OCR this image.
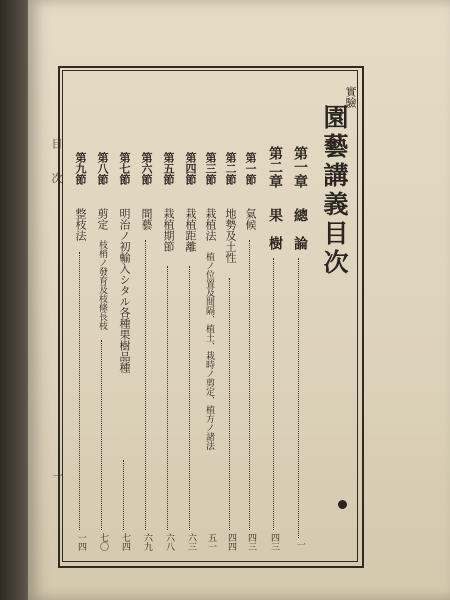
目 次
一
實驗
園藝講義目次
第一章
總　論
一
第二章
果　樹
四三
第一節
氣候
四三
第二節
地勢及土性
四四
第三節
栽植法
植ノ位置及間隔、植土、栽時ノ剪定、植方ノ諸法
五一
第四節
栽植距離
六三
第五節
栽植期節
六八
第六節
間藝
六九
第七節
明治ノ初輸入シタル各種果樹品種
七四
第八節
剪定
枝梢ノ發育及枝條長枝
七〇
第九節
整枝法
一四
